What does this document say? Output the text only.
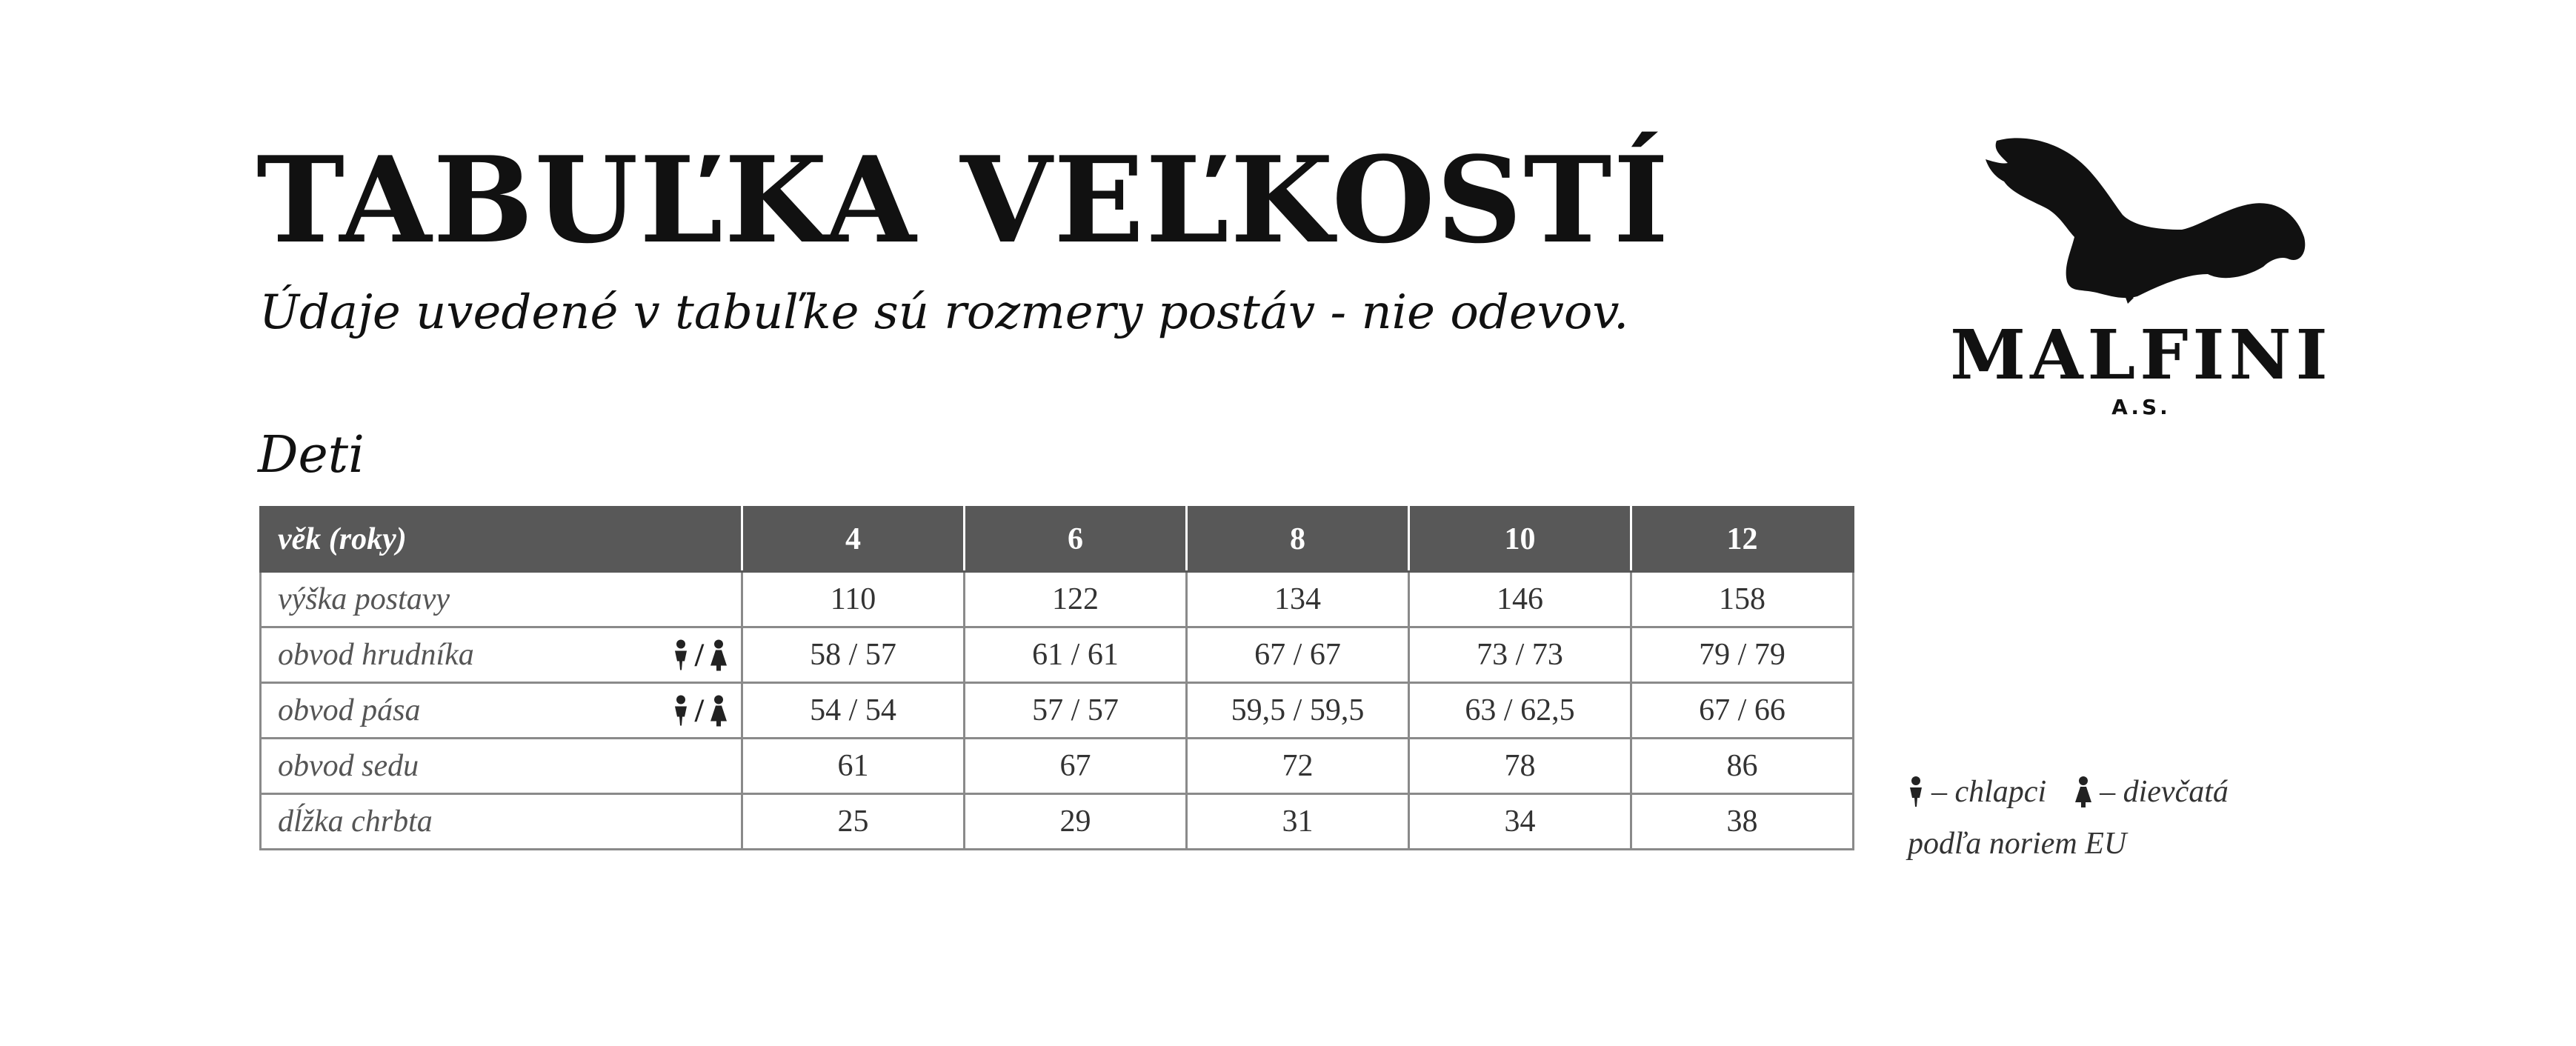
TABUĽKA VEĽKOSTÍ
Údaje uvedené v tabuľke sú rozmery postáv - nie odevov.
Deti
MALFINI
A.S.
věk (roky)	4	6	8	10	12
výška postavy	110	122	134	146	158
obvod hrudníka /	58 / 57	61 / 61	67 / 67	73 / 73	79 / 79
obvod pása /	54 / 54	57 / 57	59,5 / 59,5	63 / 62,5	67 / 66
obvod sedu	61	67	72	78	86
dĺžka chrbta	25	29	31	34	38
– chlapci – dievčatá
podľa noriem EU
